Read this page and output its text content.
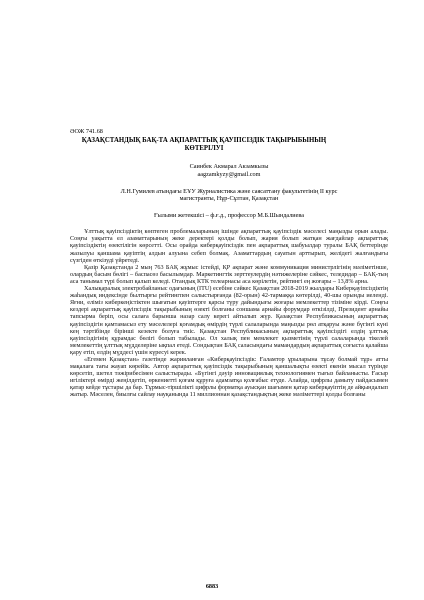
ӘОЖ 741.68
ҚАЗАҚСТАНДЫҚ БАҚ-ТА АҚПАРАТТЫҚ ҚАУІПСІЗДІК ТАҚЫРЫБЫНЫҢ
КӨТЕРІЛУІ
Саинбек Акмарал Акзамкызы
aagzamkyzy@gmail.com
Л.Н.Гумилев атындағы ЕҰУ Журналистика және саясаттану факультетінің II курс
магистранты, Нұр-Сұлтан, Қазақстан
Ғылыми жетекшісі – ф.ғ.д., профессор М.Б.Шындалиева

Ұлттық қауіпсіздіктің көптеген проблемаларының ішінде ақпараттық қауіпсіздік мәселесі маңызды орын алады. Соңғы уақытта ел азаматтарының жеке деректері қолды болып, жария болып жатқан жағдайлар ақпараттық қауіпсіздіктің өзектілігін көрсетті. Осы орайда киберқауіпсіздік пен ақпараттық шабуылдар туралы БАҚ беттерінде жазылуы қаншама қауіптің алдын алуына себеп болмақ. Азаматтардың сауатын арттырып, желідегі жалғандығы сүзгіден өткізуді үйретеді.

Қазір Қазақстанда 2 мың 763 БАҚ жұмыс істейді, ҚР ақпарат және коммуникация министрлігінің мәліметінше, олардың басым бөлігі – баспасөз басылымдар. Маркетингтік зерттеулердің нәтижелеріне сәйкес, теледидар – БАҚ-тың аса танымал түрі болып қалып келеді. Отандық КТК телеарнасы аса көрілетін, рейтингі ең жоғары – 13,8% арна.

Халықаралық электробайланыс одағының (ITU) есебіне сәйкес Қазақстан 2018-2019 жылдары Киберқауіпсіздіктің жаһандық индексінде былтырғы рейтингпен салыстырғанда (82-орын) 42-тармаққа көтерілді, 40-шы орынды иеленді. Яғни, еліміз киберкеңістіктен шығатын қауіптерге қарсы түру дайындығы жоғары мемлекеттер тізіміне кірді. Соңғы кездері ақпараттық қауіпсіздік тақырыбының өзекті болғаны соншама арнайы форумдар өткізілді, Президент арнайы тапсырма беріп, осы салаға барынша назар салу керегі айтылып жүр. Қазақстан Республикасының ақпараттық қауіпсіздігін қамтамасыз ету мәселелері қоғамдық өмірдің түрлі салаларында маңызды рөл атқаруы және бүгінгі күні кең тәртібінде бірінші кезекте болуға тиіс. Қазақстан Республикасының ақпараттық қауіпсіздігі елдің ұлттық қауіпсіздігінің құрамдас бөлігі болып табылады. Ол халық пен мемлекет қызметінің түрлі салаларында тікелей мемлекеттің ұлттық мүдделеріне ықпал етеді. Сондықтан БАҚ саласындағы мамандардың ақпараттық соғыста қалайша қару етіп, елдің мүддесі үшін күресуі керек.

«Егемен Қазақстан» газетінде жарияланған «Киберқауіпсіздік: Ғаламтор ұрыларына тұсау болмай тұр» атты мақалаға тағы жауап көрейік. Автор ақпараттық қауіпсіздік тақырыбының қаншалықты өзекті екенін мысал түрінде көрсетіп, шетел тәжірибесімен салыстырады. «Бүгінгі дәуір инновациялық технологиямен тығыз байланысты. Ғасыр игіліктері өмірді жеңілдетіп, өркениетті қоғам құруға адамзатқа қолғабыс етуде. Алайда, цифрлы дамыту пайдасымен қатар кейде тұстары да бар. Тұрмыс-тіршілікті цифрлы форматқа ауысқан шағымен қатар киберқауіптің де айқындалып жатыр. Мәселен, биылғы сайлау науқанында 11 миллионнан қазақстандықтың жеке мәліметтері қолды болғаны

6883
